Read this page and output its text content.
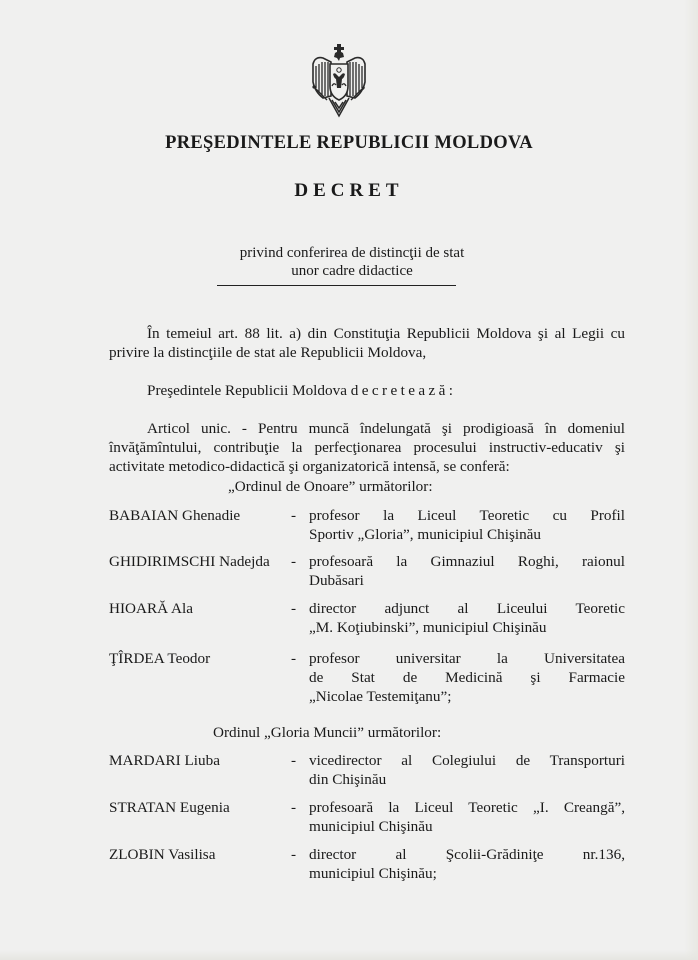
PREŞEDINTELE REPUBLICII MOLDOVA
DECRET
privind conferirea de distincţii de stat
unor cadre didactice
În temeiul art. 88 lit. a) din Constituţia Republicii Moldova şi al Legii cu privire la distincţiile de stat ale Republicii Moldova,
Preşedintele Republicii Moldova decretează:
Articol unic. - Pentru muncă îndelungată şi prodigioasă în domeniul învăţămîntului, contribuţie la perfecţionarea procesului instructiv-educativ şi activitate metodico-didactică şi organizatorică intensă, se conferă:
„Ordinul de Onoare” următorilor:
BABAIAN Ghenadie	- profesor la Liceul Teoretic cu Profil
Sportiv „Gloria”, municipiul Chişinău
GHIDIRIMSCHI Nadejda - profesoară la Gimnaziul Roghi, raionul
Dubăsari
HIOARĂ Ala	- director adjunct al Liceului Teoretic
„M. Koţiubinski”, municipiul Chişinău
ŢÎRDEA Teodor	- profesor universitar la Universitatea
de Stat de Medicină şi Farmacie
„Nicolae Testemiţanu”;
Ordinul „Gloria Muncii” următorilor:
MARDARI Liuba	- vicedirector al Colegiului de Transporturi
din Chişinău
STRATAN Eugenia	- profesoară la Liceul Teoretic „I. Creangă”,
municipiul Chişinău
ZLOBIN Vasilisa	- director al Şcolii-Grădiniţe nr.136,
municipiul Chişinău;
